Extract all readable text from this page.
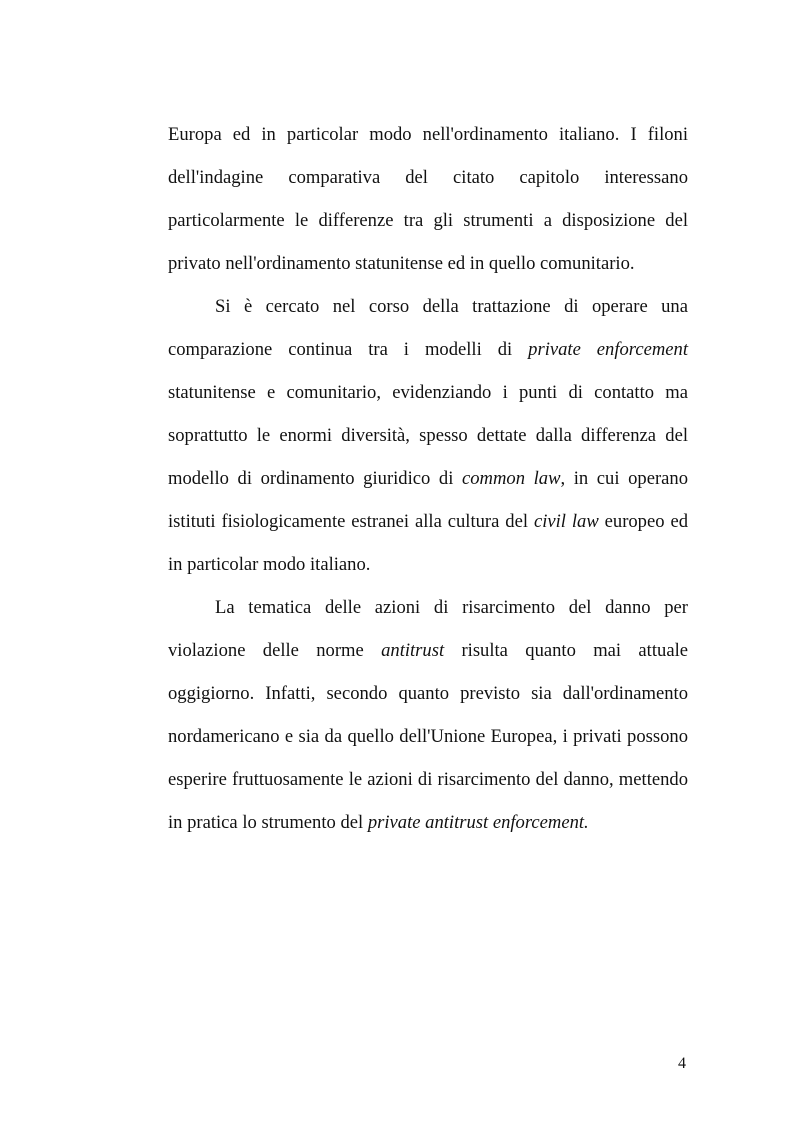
Europa ed in particolar modo nell'ordinamento italiano. I filoni
dell'indagine comparativa del citato capitolo interessano
particolarmente le differenze tra gli strumenti a disposizione del
privato nell'ordinamento statunitense ed in quello comunitario.
Si è cercato nel corso della trattazione di operare una
comparazione continua tra i modelli di private enforcement
statunitense e comunitario, evidenziando i punti di contatto ma
soprattutto le enormi diversità, spesso dettate dalla differenza del
modello di ordinamento giuridico di common law, in cui operano
istituti fisiologicamente estranei alla cultura del civil law europeo ed
in particolar modo italiano.
La tematica delle azioni di risarcimento del danno per
violazione delle norme antitrust risulta quanto mai attuale
oggigiorno. Infatti, secondo quanto previsto sia dall'ordinamento
nordamericano e sia da quello dell'Unione Europea, i privati possono
esperire fruttuosamente le azioni di risarcimento del danno, mettendo
in pratica lo strumento del private antitrust enforcement.
4
